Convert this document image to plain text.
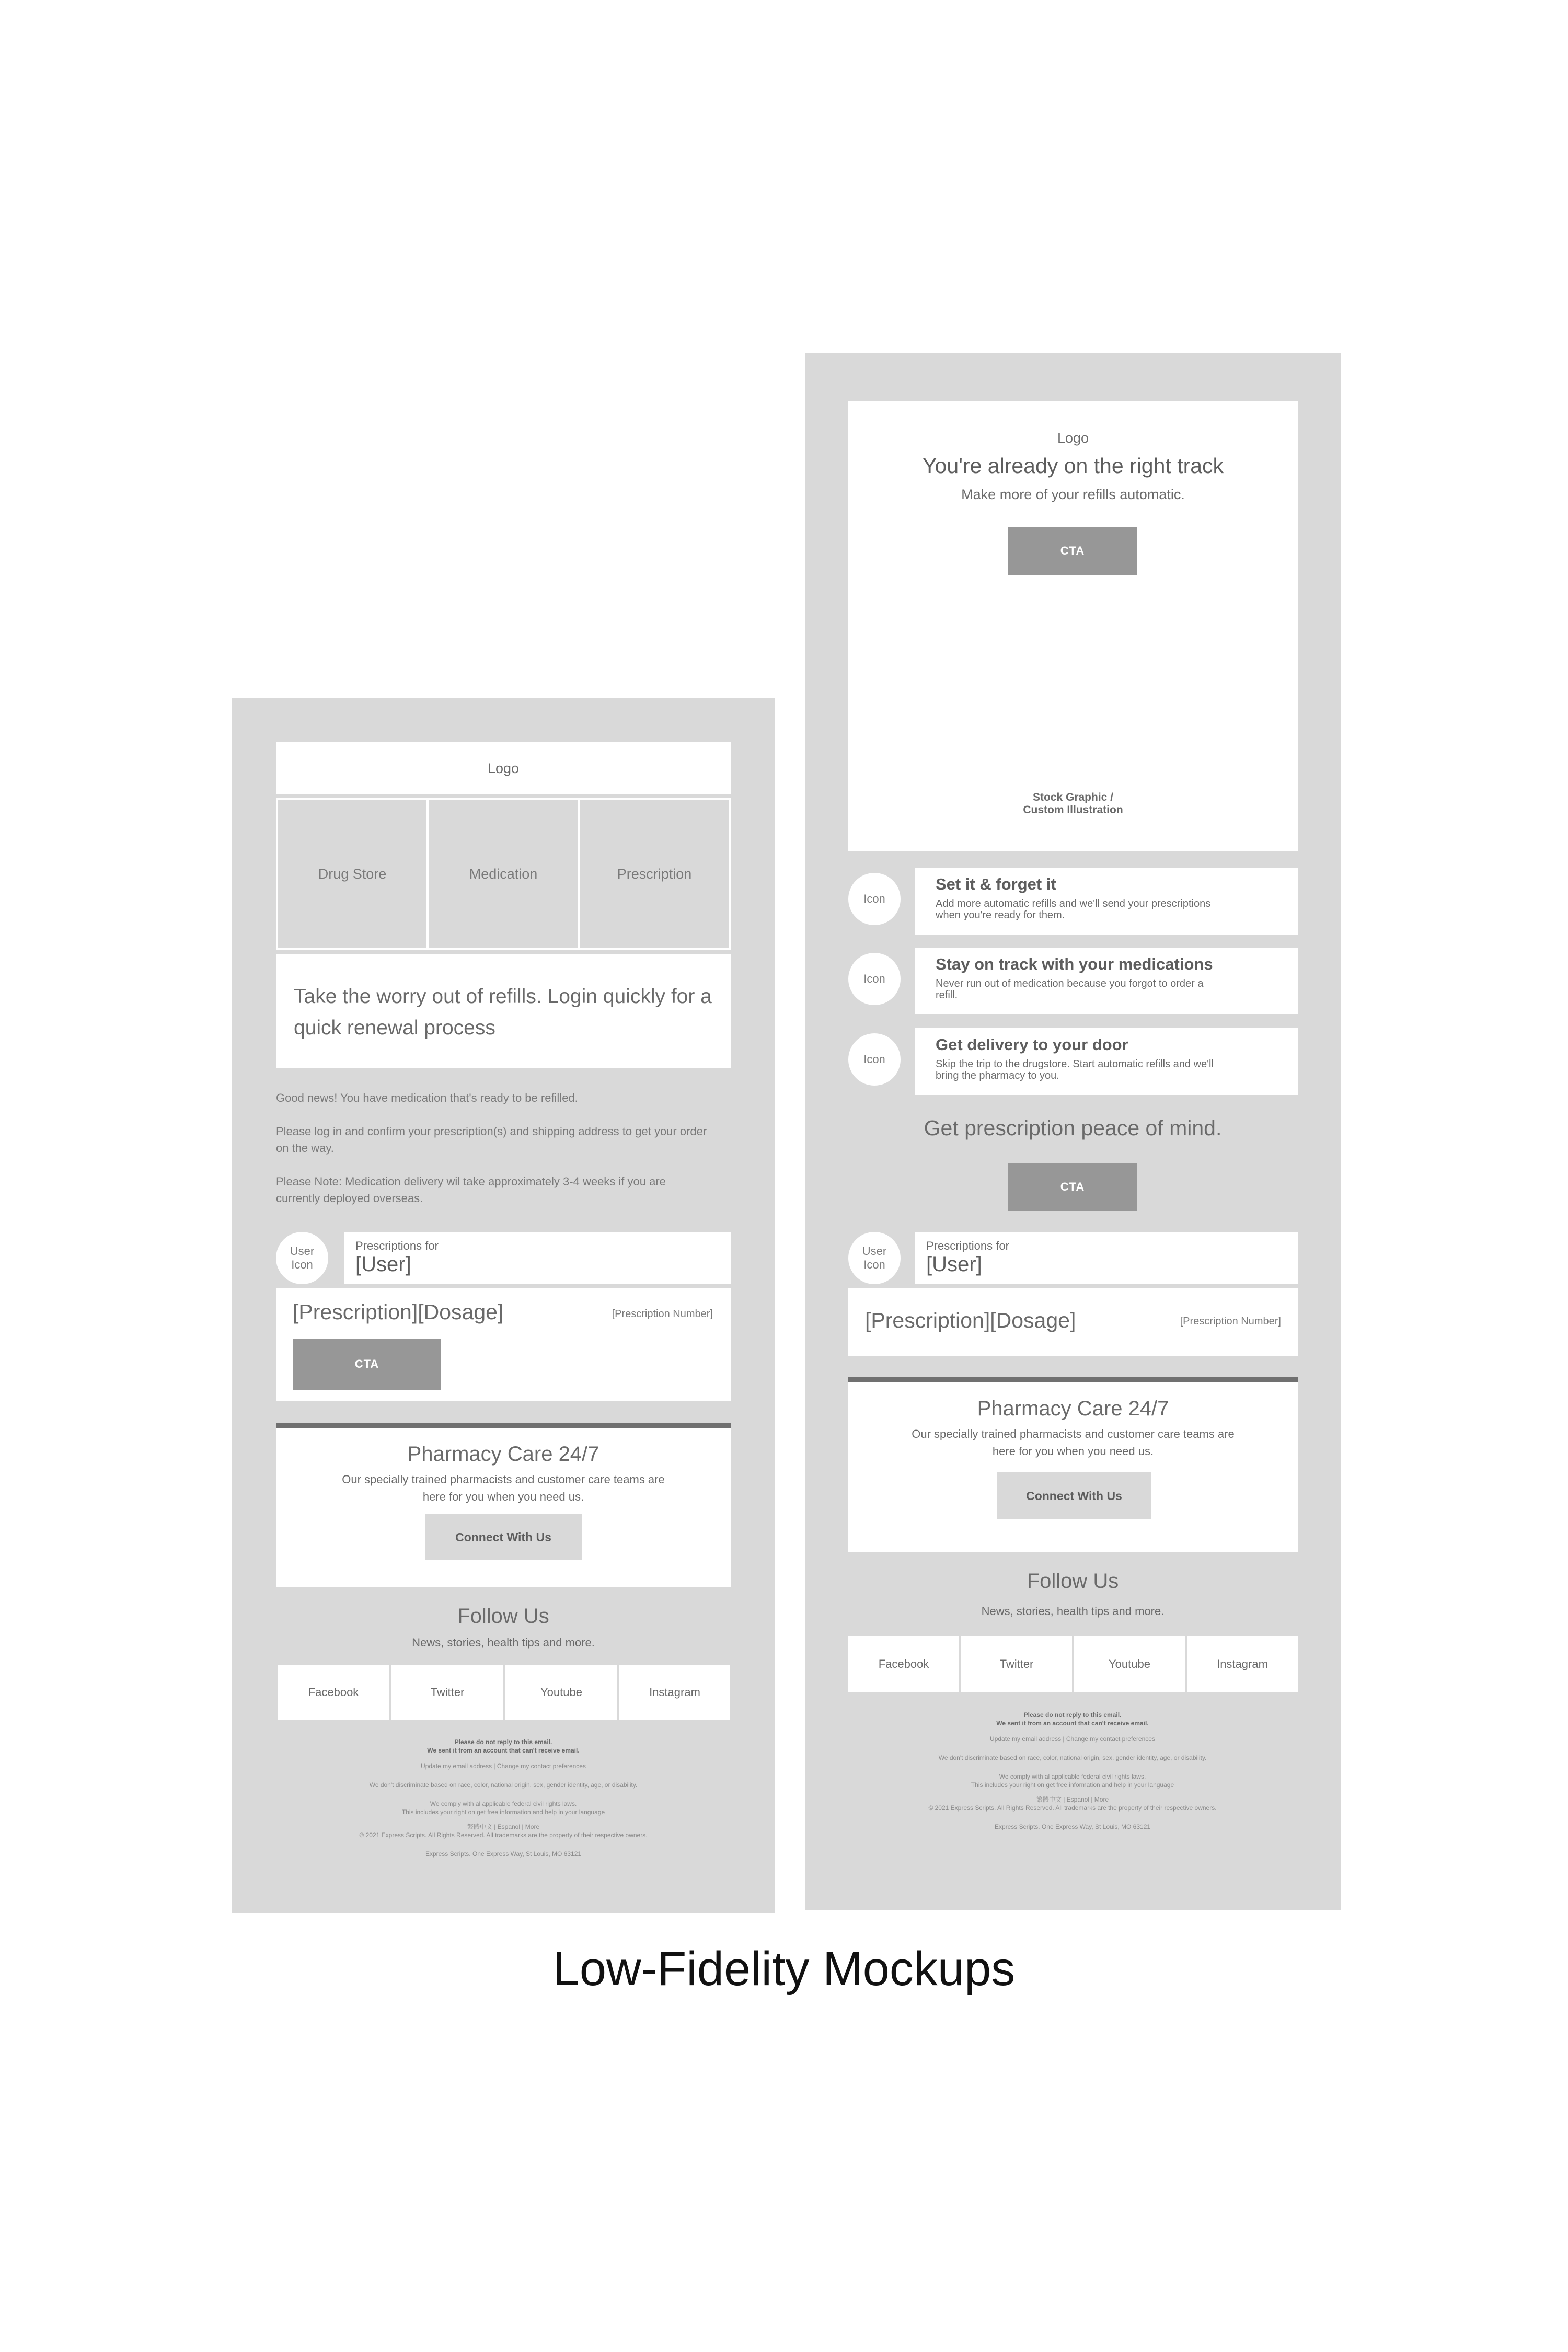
Logo
Drug Store	Medication	Prescription
Take the worry out of refills. Login quickly for a quick renewal process

Good news! You have medication that's ready to be refilled.

Please log in and confirm your prescription(s) and shipping address to get your order on the way.

Please Note: Medication delivery wil take approximately 3-4 weeks if you are currently deployed overseas.

User Icon
Prescriptions for
[User]
[Prescription][Dosage]	[Prescription Number]
CTA
Pharmacy Care 24/7
Our specially trained pharmacists and customer care teams are here for you when you need us.
Connect With Us
Follow Us
News, stories, health tips and more.
Facebook	Twitter	Youtube	Instagram
Please do not reply to this email.
We sent it from an account that can't receive email.
Update my email address | Change my contact preferences
We don't discriminate based on race, color, national origin, sex, gender identity, age, or disability.
We comply with al applicable federal civil rights laws.
This includes your right on get free information and help in your language
繁體中文 | Espanol | More
© 2021 Express Scripts. All Rights Reserved. All trademarks are the property of their respective owners.
Express Scripts. One Express Way, St Louis, MO 63121
Logo
You're already on the right track
Make more of your refills automatic.
CTA
Stock Graphic / Custom Illustration
Icon
Set it & forget it
Add more automatic refills and we'll send your prescriptions when you're ready for them.
Icon
Stay on track with your medications
Never run out of medication because you forgot to order a refill.
Icon
Get delivery to your door
Skip the trip to the drugstore. Start automatic refills and we'll bring the pharmacy to you.
Get prescription peace of mind.
CTA
User Icon
Prescriptions for
[User]
[Prescription][Dosage]	[Prescription Number]
Pharmacy Care 24/7
Our specially trained pharmacists and customer care teams are here for you when you need us.
Connect With Us
Follow Us
News, stories, health tips and more.
Facebook	Twitter	Youtube	Instagram
Please do not reply to this email.
We sent it from an account that can't receive email.
Update my email address | Change my contact preferences
We don't discriminate based on race, color, national origin, sex, gender identity, age, or disability.
We comply with al applicable federal civil rights laws.
This includes your right on get free information and help in your language
繁體中文 | Espanol | More
© 2021 Express Scripts. All Rights Reserved. All trademarks are the property of their respective owners.
Express Scripts. One Express Way, St Louis, MO 63121
Low-Fidelity Mockups
